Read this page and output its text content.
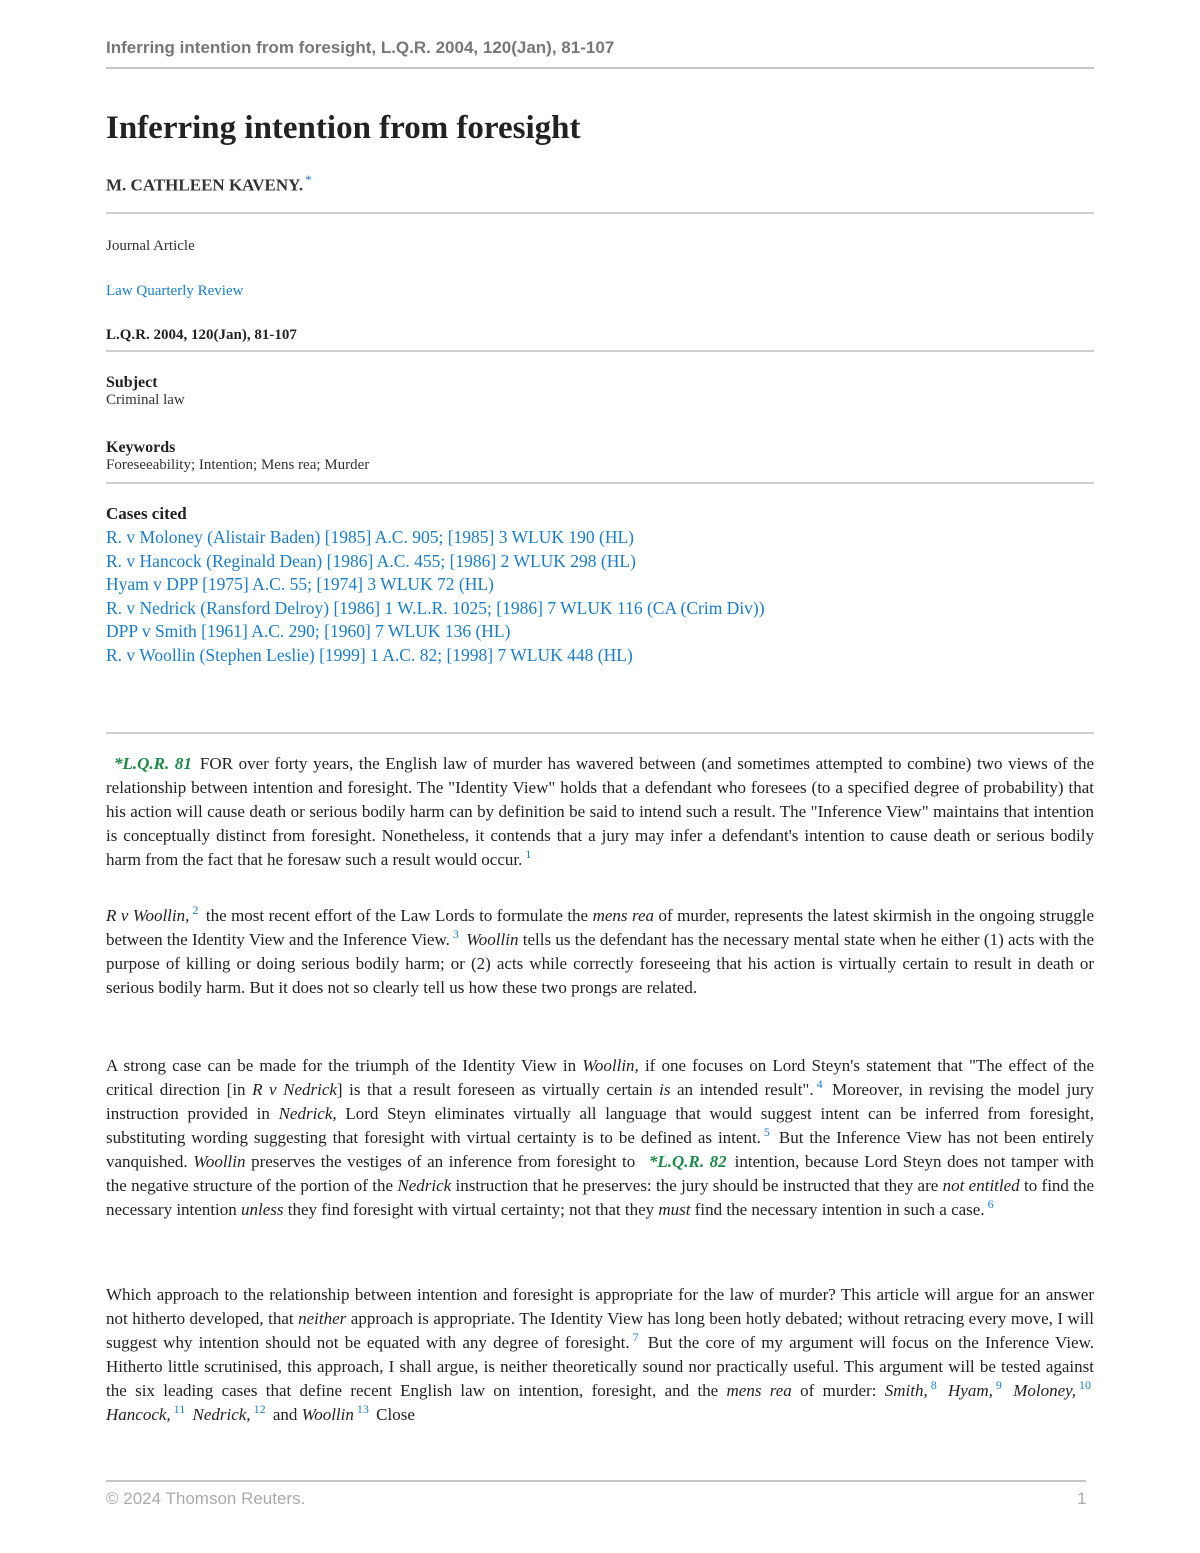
Inferring intention from foresight, L.Q.R. 2004, 120(Jan), 81-107
Inferring intention from foresight
M. CATHLEEN KAVENY. *
Journal Article
Law Quarterly Review
L.Q.R. 2004, 120(Jan), 81-107
Subject
Criminal law
Keywords
Foreseeability; Intention; Mens rea; Murder
Cases cited
R. v Moloney (Alistair Baden) [1985] A.C. 905; [1985] 3 WLUK 190 (HL)
R. v Hancock (Reginald Dean) [1986] A.C. 455; [1986] 2 WLUK 298 (HL)
Hyam v DPP [1975] A.C. 55; [1974] 3 WLUK 72 (HL)
R. v Nedrick (Ransford Delroy) [1986] 1 W.L.R. 1025; [1986] 7 WLUK 116 (CA (Crim Div))
DPP v Smith [1961] A.C. 290; [1960] 7 WLUK 136 (HL)
R. v Woollin (Stephen Leslie) [1999] 1 A.C. 82; [1998] 7 WLUK 448 (HL)

*L.Q.R. 81 FOR over forty years, the English law of murder has wavered between (and sometimes attempted to combine) two views of the relationship between intention and foresight. The "Identity View" holds that a defendant who foresees (to a specified degree of probability) that his action will cause death or serious bodily harm can by definition be said to intend such a result. The "Inference View" maintains that intention is conceptually distinct from foresight. Nonetheless, it contends that a jury may infer a defendant's intention to cause death or serious bodily harm from the fact that he foresaw such a result would occur. $^1$

R v Woollin, $^2$ the most recent effort of the Law Lords to formulate the mens rea of murder, represents the latest skirmish in the ongoing struggle between the Identity View and the Inference View. $^3$ Woollin tells us the defendant has the necessary mental state when he either (1) acts with the purpose of killing or doing serious bodily harm; or (2) acts while correctly foreseeing that his action is virtually certain to result in death or serious bodily harm. But it does not so clearly tell us how these two prongs are related.

A strong case can be made for the triumph of the Identity View in Woollin, if one focuses on Lord Steyn's statement that "The effect of the critical direction [in R v Nedrick] is that a result foreseen as virtually certain is an intended result". $^4$ Moreover, in revising the model jury instruction provided in Nedrick, Lord Steyn eliminates virtually all language that would suggest intent can be inferred from foresight, substituting wording suggesting that foresight with virtual certainty is to be defined as intent. $^5$ But the Inference View has not been entirely vanquished. Woollin preserves the vestiges of an inference from foresight to *L.Q.R. 82 intention, because Lord Steyn does not tamper with the negative structure of the portion of the Nedrick instruction that he preserves: the jury should be instructed that they are not entitled to find the necessary intention unless they find foresight with virtual certainty; not that they must find the necessary intention in such a case. $^6$

Which approach to the relationship between intention and foresight is appropriate for the law of murder? This article will argue for an answer not hitherto developed, that neither approach is appropriate. The Identity View has long been hotly debated; without retracing every move, I will suggest why intention should not be equated with any degree of foresight. $^7$ But the core of my argument will focus on the Inference View. Hitherto little scrutinised, this approach, I shall argue, is neither theoretically sound nor practically useful. This argument will be tested against the six leading cases that define recent English law on intention, foresight, and the mens rea of murder: Smith, $^8$ Hyam, $^9$ Moloney, $^{10}$ Hancock, $^{11}$ Nedrick, $^{12}$ and Woollin $^{13}$ Close

© 2024 Thomson Reuters.	1
